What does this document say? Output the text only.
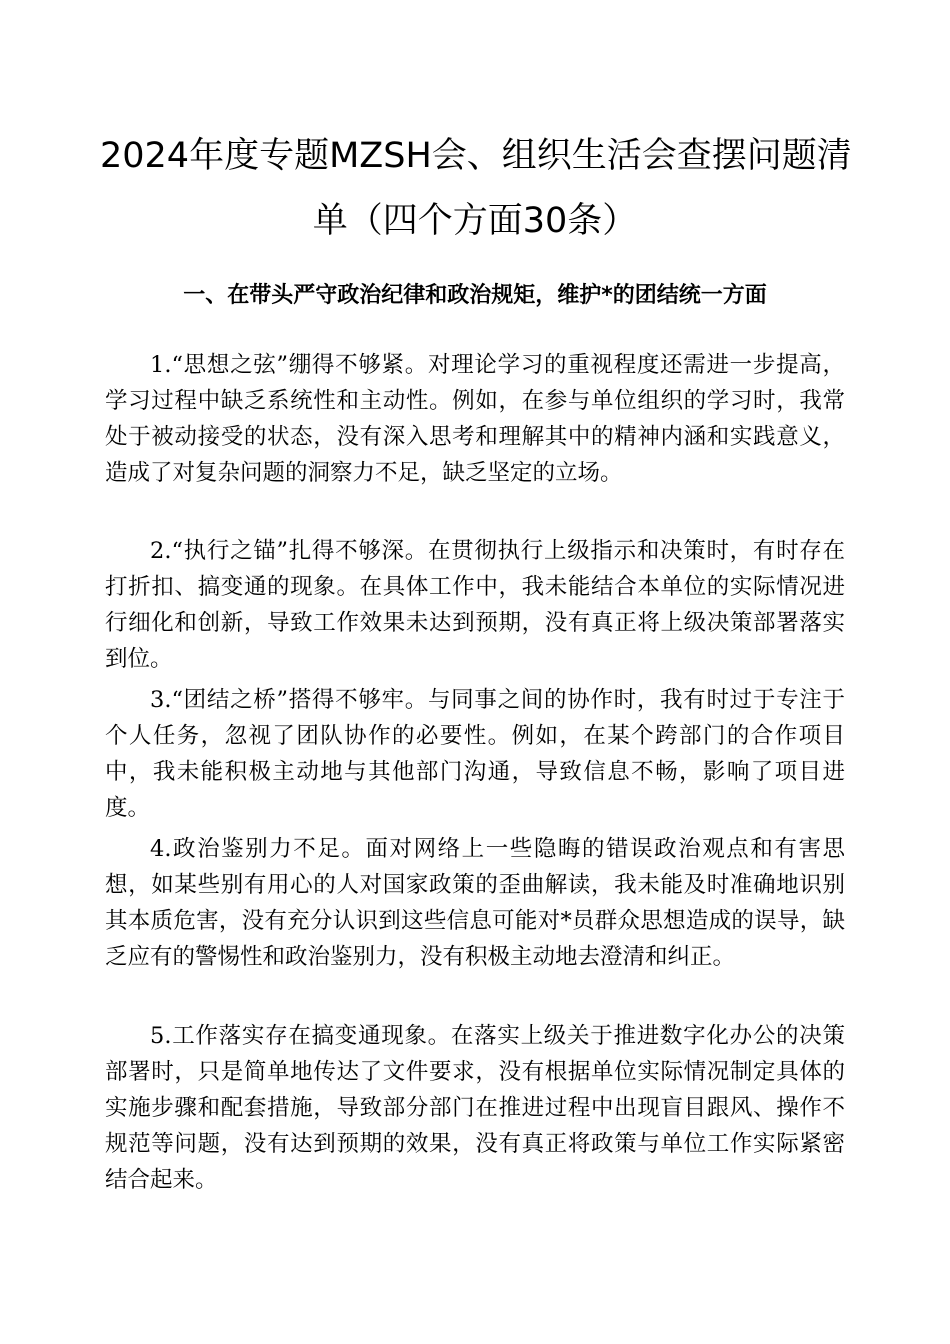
2024年度专题MZSH会、组织生活会查摆问题清
单（四个方面30条）
一、在带头严守政治纪律和政治规矩，维护*的团结统一方面

1.“思想之弦”绷得不够紧。对理论学习的重视程度还需进一步提高，学习过程中缺乏系统性和主动性。例如，在参与单位组织的学习时，我常处于被动接受的状态，没有深入思考和理解其中的精神内涵和实践意义，造成了对复杂问题的洞察力不足，缺乏坚定的立场。

2.“执行之锚”扎得不够深。在贯彻执行上级指示和决策时，有时存在打折扣、搞变通的现象。在具体工作中，我未能结合本单位的实际情况进行细化和创新，导致工作效果未达到预期，没有真正将上级决策部署落实到位。

3.“团结之桥”搭得不够牢。与同事之间的协作时，我有时过于专注于个人任务，忽视了团队协作的必要性。例如，在某个跨部门的合作项目中，我未能积极主动地与其他部门沟通，导致信息不畅，影响了项目进度。

4.政治鉴别力不足。面对网络上一些隐晦的错误政治观点和有害思想，如某些别有用心的人对国家政策的歪曲解读，我未能及时准确地识别其本质危害，没有充分认识到这些信息可能对*员群众思想造成的误导，缺乏应有的警惕性和政治鉴别力，没有积极主动地去澄清和纠正。

5.工作落实存在搞变通现象。在落实上级关于推进数字化办公的决策部署时，只是简单地传达了文件要求，没有根据单位实际情况制定具体的实施步骤和配套措施，导致部分部门在推进过程中出现盲目跟风、操作不规范等问题，没有达到预期的效果，没有真正将政策与单位工作实际紧密结合起来。
